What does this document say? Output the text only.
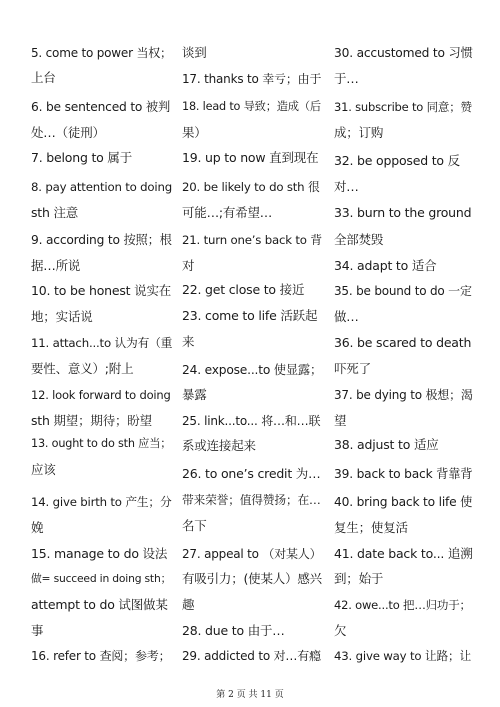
5. come to power 当权；
上台
6. be sentenced to 被判
处…（徒刑）
7. belong to 属于
8. pay attention to doing
sth 注意
9. according to 按照；根
据…所说
10. to be honest 说实在
地；实话说
11. attach...to 认为有（重
要性、意义）;附上
12. look forward to doing
sth 期望；期待；盼望
13. ought to do sth 应当；
应该
14. give birth to 产生；分
娩
15. manage to do 设法
做= succeed in doing sth；
attempt to do 试图做某
事
16. refer to 查阅；参考；
谈到
17. thanks to 幸亏；由于
18. lead to 导致；造成（后
果）
19. up to now 直到现在
20. be likely to do sth 很
可能…;有希望…
21. turn one’s back to 背
对
22. get close to 接近
23. come to life 活跃起
来
24. expose...to 使显露；
暴露
25. link...to... 将…和…联
系或连接起来
26. to one’s credit 为…
带来荣誉；值得赞扬；在…
名下
27. appeal to （对某人）
有吸引力；(使某人）感兴
趣
28. due to 由于…
29. addicted to 对…有瘾
30. accustomed to 习惯
于…
31. subscribe to 同意；赞
成；订购
32. be opposed to 反
对…
33. burn to the ground
全部焚毁
34. adapt to 适合
35. be bound to do 一定
做…
36. be scared to death
吓死了
37. be dying to 极想；渴
望
38. adjust to 适应
39. back to back 背靠背
40. bring back to life 使
复生；使复活
41. date back to... 追溯
到；始于
42. owe...to 把…归功于；
欠
43. give way to 让路；让
第 2 页 共 11 页
